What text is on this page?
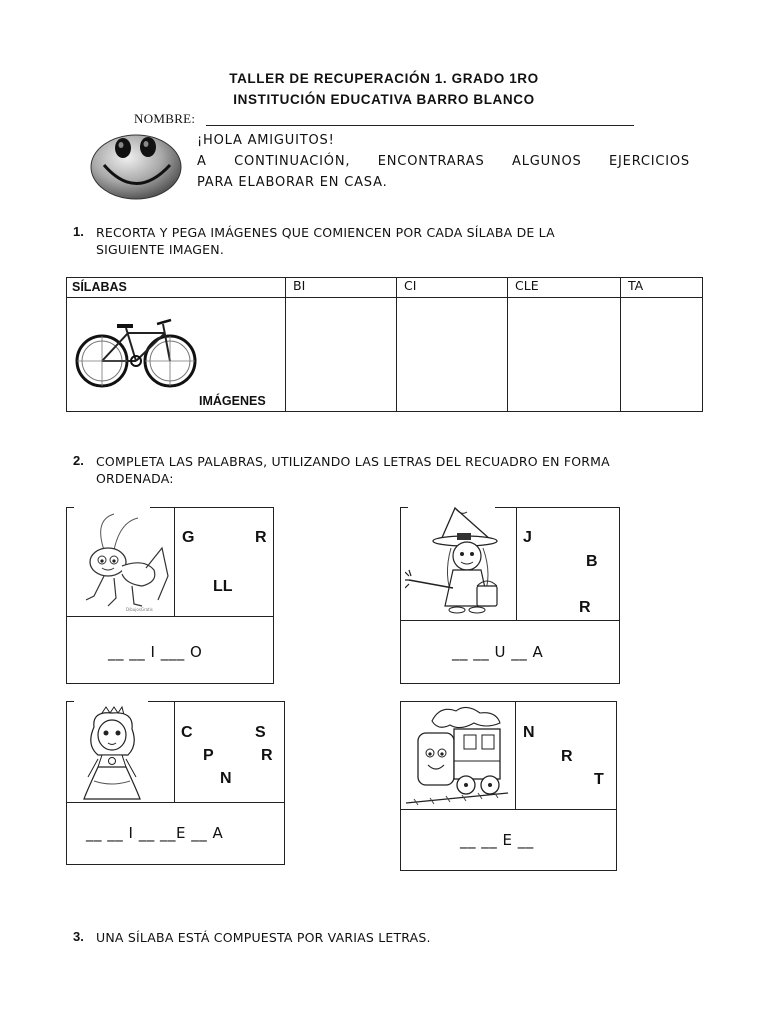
TALLER DE RECUPERACIÓN 1. GRADO 1RO
INSTITUCIÓN EDUCATIVA BARRO BLANCO
NOMBRE:
¡HOLA AMIGUITOS!
A CONTINUACIÓN, ENCONTRARAS ALGUNOS EJERCICIOS
PARA ELABORAR EN CASA.
1. RECORTA Y PEGA IMÁGENES QUE COMIENCEN POR CADA SÍLABA DE LA
SIGUIENTE IMAGEN.
SÍLABAS	BI	CI	CLE	TA

IMÁGENES				

2. COMPLETA LAS PALABRAS, UTILIZANDO LAS LETRAS DEL RECUADRO EN FORMA
ORDENADA:
DibujosGratis
G	R
LL
__ __ I ___ O
J
B
R
__ __ U __ A
C	S
P	R
N
__ __ I __ __E __ A
N
R
T
__ __ E __
3. UNA SÍLABA ESTÁ COMPUESTA POR VARIAS LETRAS.
